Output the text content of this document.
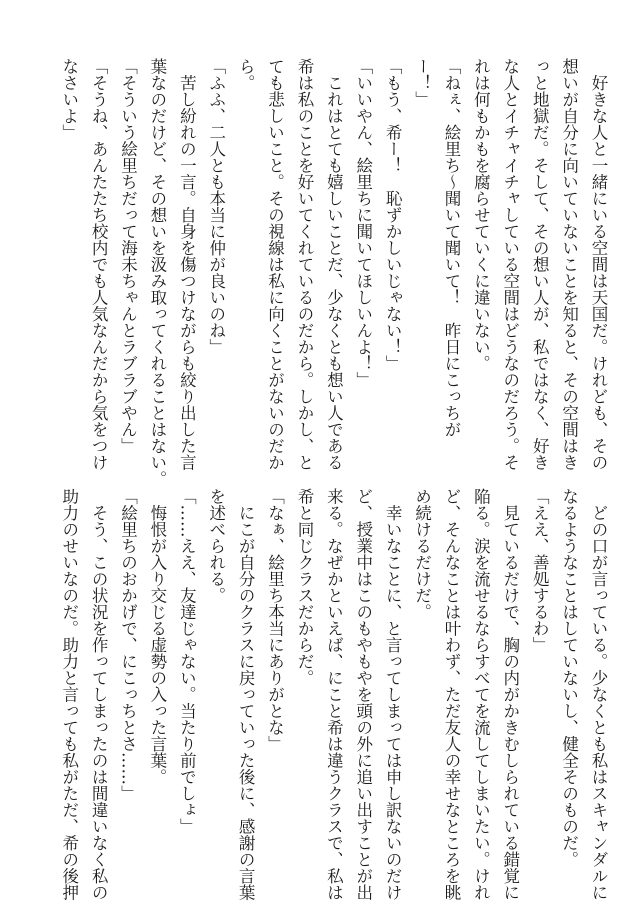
　好きな人と一緒にいる空間は天国だ。けれども、その

想いが自分に向いていないことを知ると、その空間はき

っと地獄だ。そして、その想い人が、私ではなく、好き

な人とイチャイチャしている空間はどうなのだろう。そ

れは何もかもを腐らせていくに違いない。

「ねぇ、絵里ち～聞いて聞いて！　昨日にこっちが

ー！」

「もう、希ー！　恥ずかしいじゃない！」

「いいやん、絵里ちに聞いてほしいんよ！」

　これはとても嬉しいことだ、少なくとも想い人である

希は私のことを好いてくれているのだから。しかし、と

ても悲しいこと。その視線は私に向くことがないのだか

ら。

「ふふ、二人とも本当に仲が良いのね」

　苦し紛れの一言。自身を傷つけながらも絞り出した言

葉なのだけど、その想いを汲み取ってくれることはない。

「そういう絵里ちだって海未ちゃんとラブラブやん」

「そうね、あんたたち校内でも人気なんだから気をつけ

なさいよ」

　どの口が言っている。少なくとも私はスキャンダルに

なるようなことはしていないし、健全そのものだ。

「ええ、善処するわ」

　見ているだけで、胸の内がかきむしられている錯覚に

陥る。涙を流せるならすべてを流してしまいたい。けれ

ど、そんなことは叶わず、ただ友人の幸せなところを眺

め続けるだけだ。

　幸いなことに、と言ってしまっては申し訳ないのだけ

ど、授業中はこのもやもやを頭の外に追い出すことが出

来る。なぜかといえば、にこと希は違うクラスで、私は

希と同じクラスだからだ。

「なぁ、絵里ち本当にありがとな」

　にこが自分のクラスに戻っていった後に、感謝の言葉

を述べられる。

「……ええ、友達じゃない。当たり前でしょ」

　悔恨が入り交じる虚勢の入った言葉。

「絵里ちのおかげで、にこっちとさ……」

　そう、この状況を作ってしまったのは間違いなく私の

助力のせいなのだ。助力と言っても私がただ、希の後押
